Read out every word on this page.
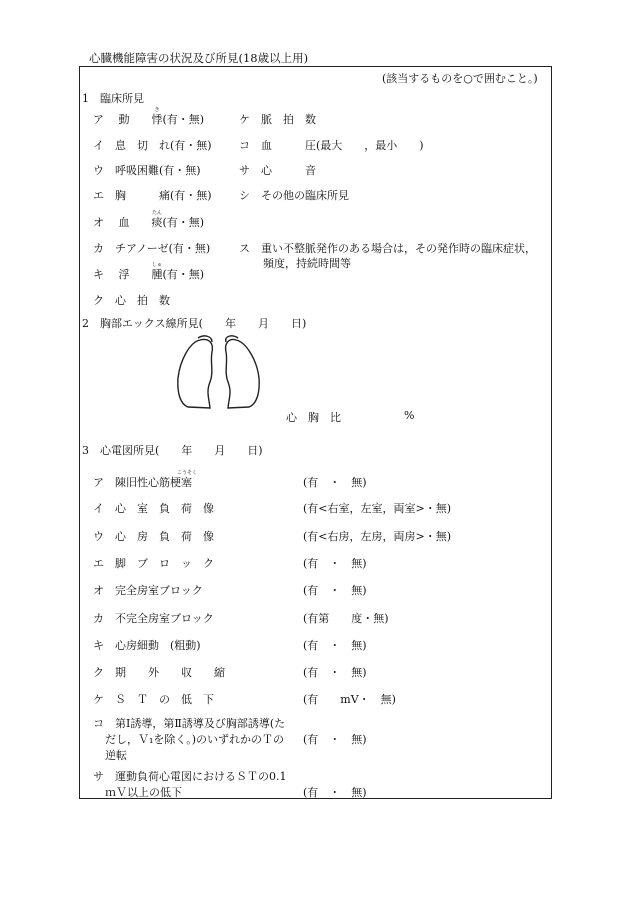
心臓機能障害の状況及び所見(18歳以上用)
(該当するものを○で囲むこと。)
1　臨床所見
ア　 動　　
き
悸(有・無)
イ　 息　切　れ(有・無)
ウ　 呼吸困難(有・無)
エ　 胸　　　痛(有・無)
オ　 血　　
たん
痰(有・無)
カ　 チアノーゼ(有・無)
キ　 浮　　
しゅ
腫(有・無)
ク　 心　拍　数
ケ　 脈　拍　数
コ　 血　　　圧(最大　　，最小　　)
サ　 心　　　音
シ　 その他の臨床所見
ス　 重い不整脈発作のある場合は，その発作時の臨床症状，
頻度，持続時間等
2　胸部エックス線所見(　　年　　月　　日)
心　胸　比	%
3　心電図所見(　　年　　月　　日)
ア　
こうそく
陳旧性心筋梗塞	(有　・　無)
イ　 心　室　負　荷　像	(有<右室，左室，両室>・無)
ウ　 心　房　負　荷　像	(有<右房，左房，両房>・無)
エ　 脚　ブ　ロ　ッ　ク	(有　・　無)
オ　 完全房室ブロック	(有　・　無)
カ　 不完全房室ブロック	(有第　　度・無)
キ　 心房細動　(粗動)	(有　・　無)
ク　 期　　外　　収　　縮	(有　・　無)
ケ　 Ｓ　Ｔ　の　低　下	(有　　mV・　無)
コ　 第Ⅰ誘導，第Ⅱ誘導及び胸部誘導(た
だし，Ｖ₁を除く。)のいずれかのＴの
逆転
(有　・　無)
サ　 運動負荷心電図におけるＳＴの0.1
ｍＶ以上の低下	(有　・　無)
